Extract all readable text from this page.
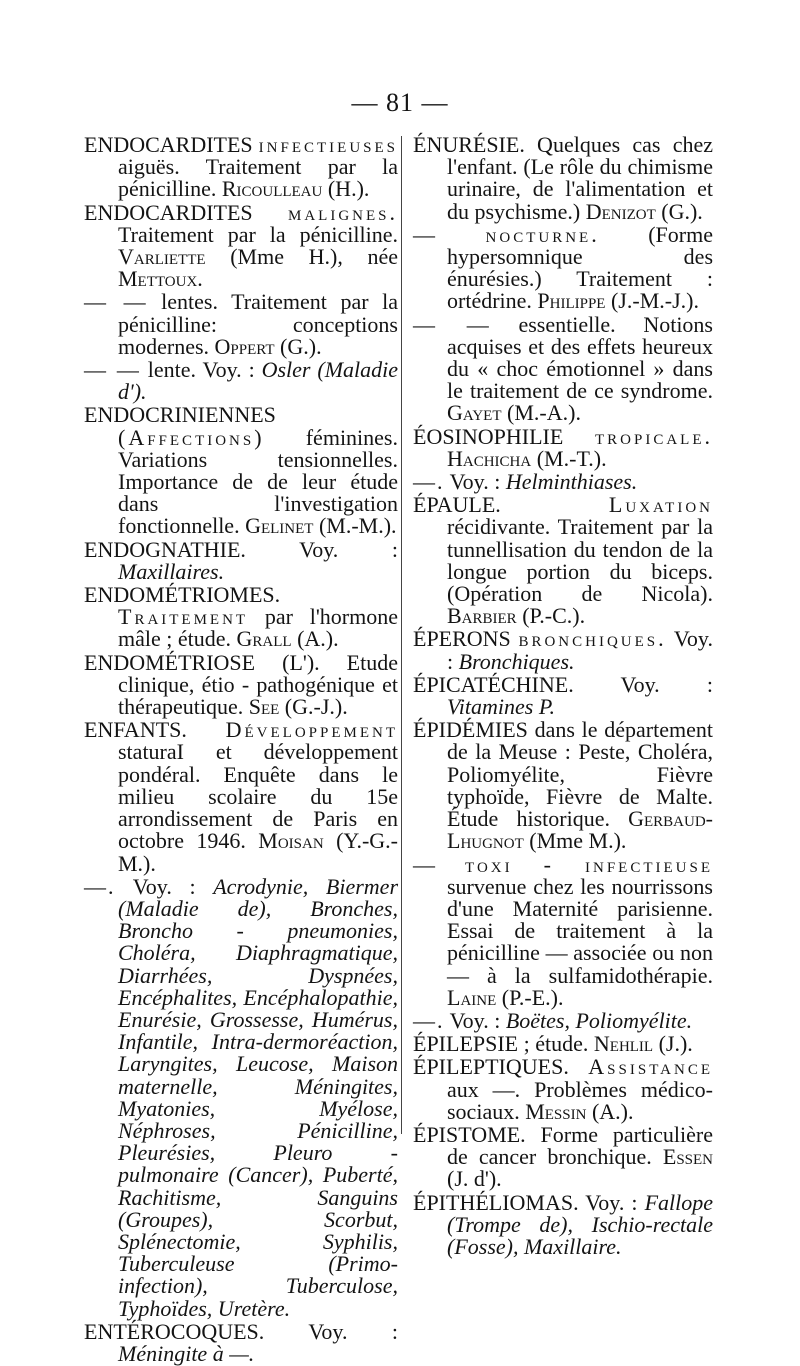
— 81 —

ENDOCARDITES infectieuses aiguës. Traitement par la pénicilline. Ricoulleau (H.).

ENDOCARDITES malignes. Traitement par la pénicilline. Varliette (Mme H.), née Mettoux.

— — lentes. Traitement par la pénicilline: conceptions modernes. Oppert (G.).

— — lente. Voy. : Osler (Maladie d').

ENDOCRINIENNES (Affections) féminines. Variations tensionnelles. Importance de de leur étude dans l'investigation fonctionnelle. Gelinet (M.-M.).

ENDOGNATHIE. Voy. : Maxillaires.

ENDOMÉTRIOMES. Traitement par l'hormone mâle ; étude. Grall (A.).

ENDOMÉTRIOSE (L'). Etude clinique, étio - pathogénique et thérapeutique. See (G.-J.).

ENFANTS. Développement staturaI et développement pondéral. Enquête dans le milieu scolaire du 15e arrondissement de Paris en octobre 1946. Moisan (Y.-G.-M.).

—. Voy. : Acrodynie, Biermer (Maladie de), Bronches, Broncho - pneumonies, Choléra, Diaphragmatique, Diarrhées, Dyspnées, Encéphalites, Encéphalopathie, Enurésie, Grossesse, Humérus, Infantile, Intra-dermoréaction, Laryngites, Leucose, Maison maternelle, Méningites, Myatonies, Myélose, Néphroses, Pénicilline, Pleurésies, Pleuro - pulmonaire (Cancer), Puberté, Rachitisme, Sanguins (Groupes), Scorbut, Splénectomie, Syphilis, Tuberculeuse (Primo-infection), Tuberculose, Typhoïdes, Uretère.

ENTÉROCOQUES. Voy. : Méningite à —.

ÉNURÉSIE. Quelques cas chez l'enfant. (Le rôle du chimisme urinaire, de l'alimentation et du psychisme.) Denizot (G.).

— nocturne. (Forme hypersomnique des énurésies.) Traitement : ortédrine. Philippe (J.-M.-J.).

— — essentielle. Notions acquises et des effets heureux du « choc émotionnel » dans le traitement de ce syndrome. Gayet (M.-A.).

ÉOSINOPHILIE tropicale. Hachicha (M.-T.).

—. Voy. : Helminthiases.

ÉPAULE.	Luxation récidivante. Traitement par la tunnellisation du tendon de la longue portion du biceps. (Opération de Nicola). Barbier (P.-C.).

ÉPERONS bronchiques. Voy. : Bronchiques.

ÉPICATÉCHINE. Voy. : Vitamines P.

ÉPIDÉMIES dans le département de la Meuse : Peste, Choléra, Poliomyélite, Fièvre typhoïde, Fièvre de Malte. Étude historique. Gerbaud-Lhugnot (Mme M.).

— toxi - infectieuse survenue chez les nourrissons d'une Maternité parisienne. Essai de traitement à la pénicilline — associée ou non — à la sulfamidothérapie. Laine (P.-E.).

—. Voy. : Boëtes, Poliomyélite.

ÉPILEPSIE ; étude. Nehlil (J.).

ÉPILEPTIQUES. Assistance aux —. Problèmes médico-sociaux. Messin (A.).

ÉPISTOME. Forme particulière de cancer bronchique. Essen (J. d').

ÉPITHÉLIOMAS. Voy. : Fallope (Trompe de), Ischio-rectale (Fosse), Maxillaire.
